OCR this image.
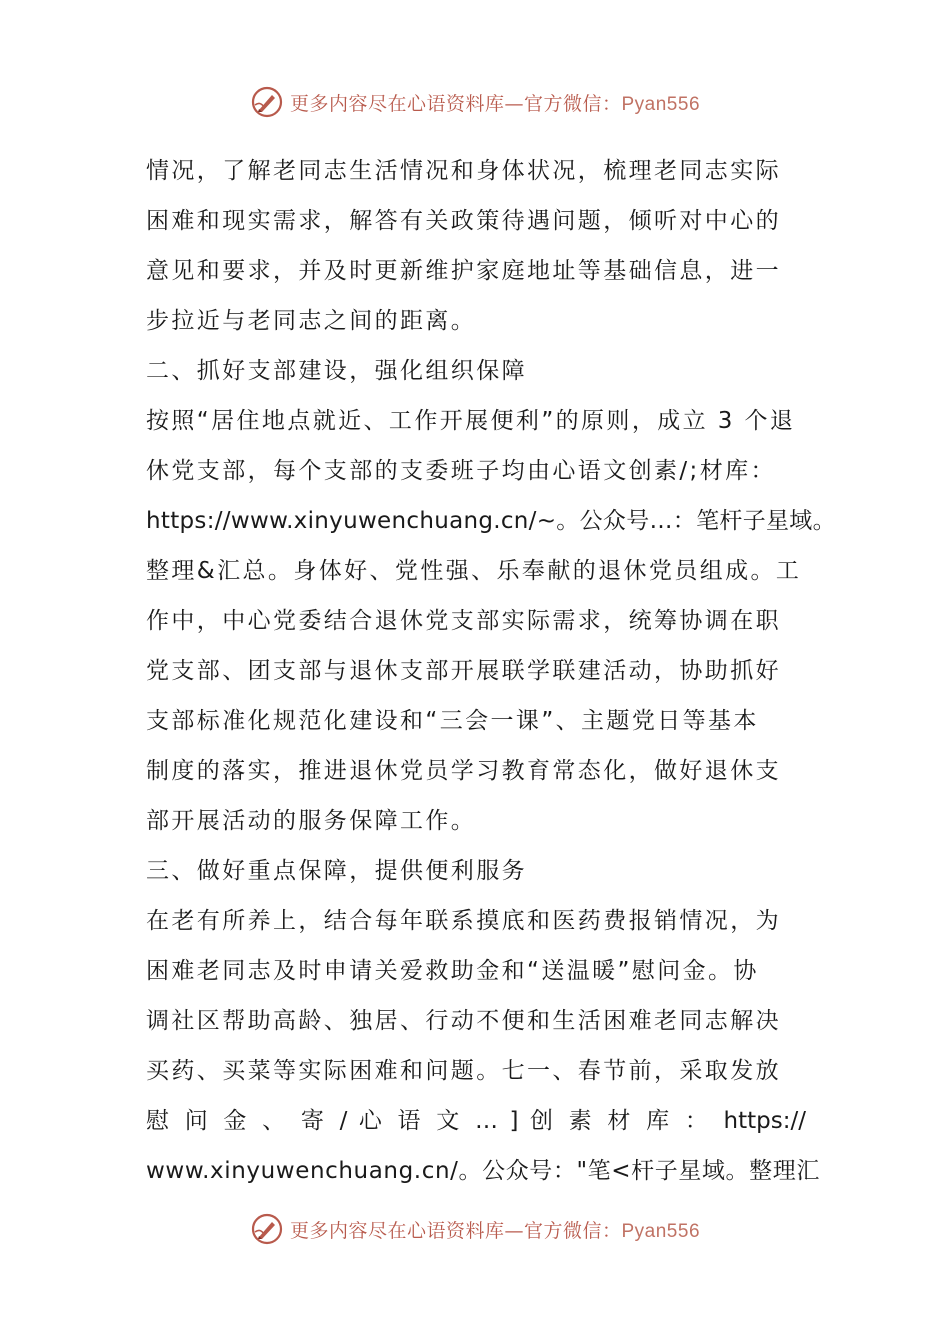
更多内容尽在心语资料库—官方微信：Pyan556
情况，了解老同志生活情况和身体状况，梳理老同志实际
困难和现实需求，解答有关政策待遇问题，倾听对中心的
意见和要求，并及时更新维护家庭地址等基础信息，进一
步拉近与老同志之间的距离。
二、抓好支部建设，强化组织保障
按照“居住地点就近、工作开展便利”的原则，成立 3 个退
休党支部，每个支部的支委班子均由心语文创素/;材库：
https://www.xinyuwenchuang.cn/~。公众号…：笔杆子星域。
整理&汇总。身体好、党性强、乐奉献的退休党员组成。工
作中，中心党委结合退休党支部实际需求，统筹协调在职
党支部、团支部与退休支部开展联学联建活动，协助抓好
支部标准化规范化建设和“三会一课”、主题党日等基本
制度的落实，推进退休党员学习教育常态化，做好退休支
部开展活动的服务保障工作。
三、做好重点保障，提供便利服务
在老有所养上，结合每年联系摸底和医药费报销情况，为
困难老同志及时申请关爱救助金和“送温暖”慰问金。协
调社区帮助高龄、独居、行动不便和生活困难老同志解决
买药、买菜等实际困难和问题。七一、春节前，采取发放
慰 问 金 、 寄 / 心 语 文 … ] 创 素 材 库 ： https://
www.xinyuwenchuang.cn/。公众号："笔<杆子星域。整理汇
更多内容尽在心语资料库—官方微信：Pyan556
